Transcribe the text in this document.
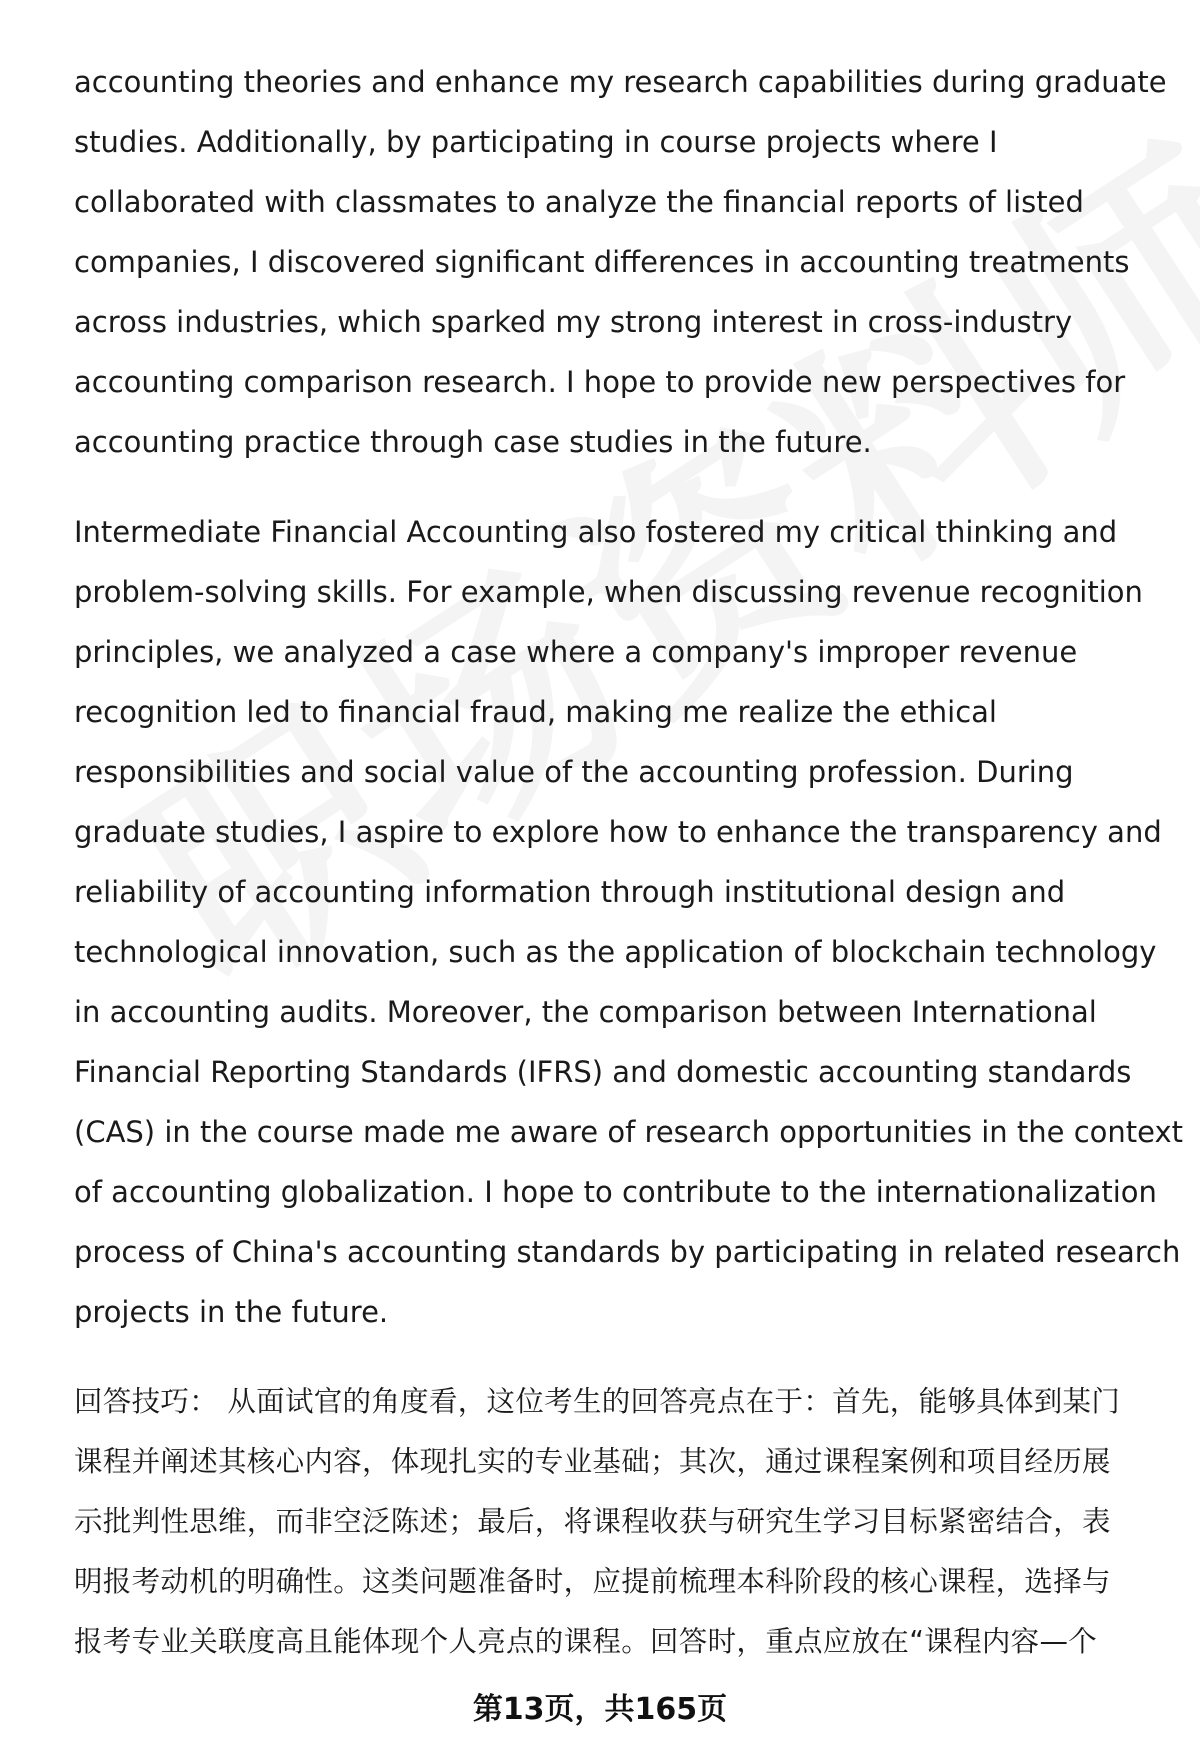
accounting theories and enhance my research capabilities during graduate
studies. Additionally, by participating in course projects where I
collaborated with classmates to analyze the financial reports of listed
companies, I discovered significant differences in accounting treatments
across industries, which sparked my strong interest in cross-industry
accounting comparison research. I hope to provide new perspectives for
accounting practice through case studies in the future.
Intermediate Financial Accounting also fostered my critical thinking and
problem-solving skills. For example, when discussing revenue recognition
principles, we analyzed a case where a company's improper revenue
recognition led to financial fraud, making me realize the ethical
responsibilities and social value of the accounting profession. During
graduate studies, I aspire to explore how to enhance the transparency and
reliability of accounting information through institutional design and
technological innovation, such as the application of blockchain technology
in accounting audits. Moreover, the comparison between International
Financial Reporting Standards (IFRS) and domestic accounting standards
(CAS) in the course made me aware of research opportunities in the context
of accounting globalization. I hope to contribute to the internationalization
process of China's accounting standards by participating in related research
projects in the future.
回答技巧： 从面试官的角度看，这位考生的回答亮点在于：首先，能够具体到某门
课程并阐述其核心内容，体现扎实的专业基础；其次，通过课程案例和项目经历展
示批判性思维，而非空泛陈述；最后，将课程收获与研究生学习目标紧密结合，表
明报考动机的明确性。这类问题准备时，应提前梳理本科阶段的核心课程，选择与
报考专业关联度高且能体现个人亮点的课程。回答时，重点应放在“课程内容—个
第13页，共165页
